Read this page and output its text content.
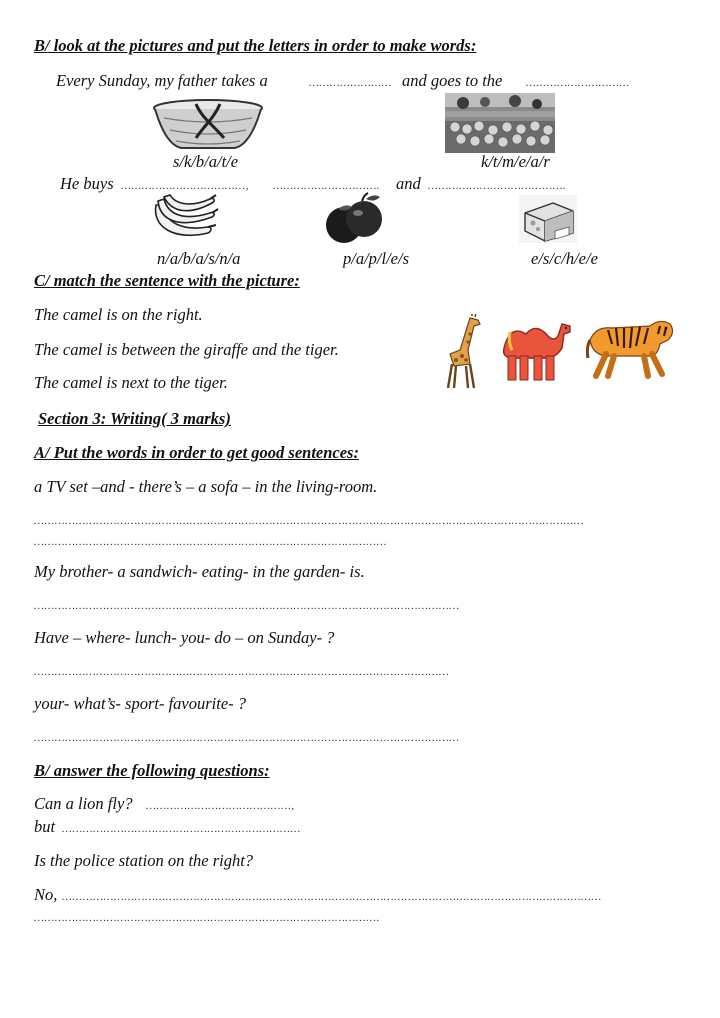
B/ look at the pictures and put the letters in order to make words:
Every Sunday, my father takes a	…………………… and goes to the …………………………
s/k/b/a/t/e	k/t/m/e/a/r
He buys ………………………………, …………………………. and ………………………………….
n/a/b/a/s/n/a	p/a/p/l/e/s	e/s/c/h/e/e
C/ match the sentence with the picture:
The camel is on the right.
The camel is between the giraffe and the tiger.
The camel is next to the tiger.
Section 3: Writing( 3 marks)
A/ Put the words in order to get good sentences:
a TV set –and - there’s – a sofa – in the living-room.
……………………………………………………………………………………………………………………………………………
…………………………………………………………………………………………
My brother- a sandwich- eating- in the garden- is.
……………………………………………………………………………………………………………
Have – where- lunch- you- do – on Sunday- ?
…………………………………………………………………………………………………………
your- what’s- sport- favourite- ?
……………………………………………………………………………………………………………
B/ answer the following questions:
Can a lion fly? ……………………………………,
but ……………………………………………………………
Is the police station on the right?
No, …………………………………………………………………………………………………………………………………………
……………………………………………………………………………………….
